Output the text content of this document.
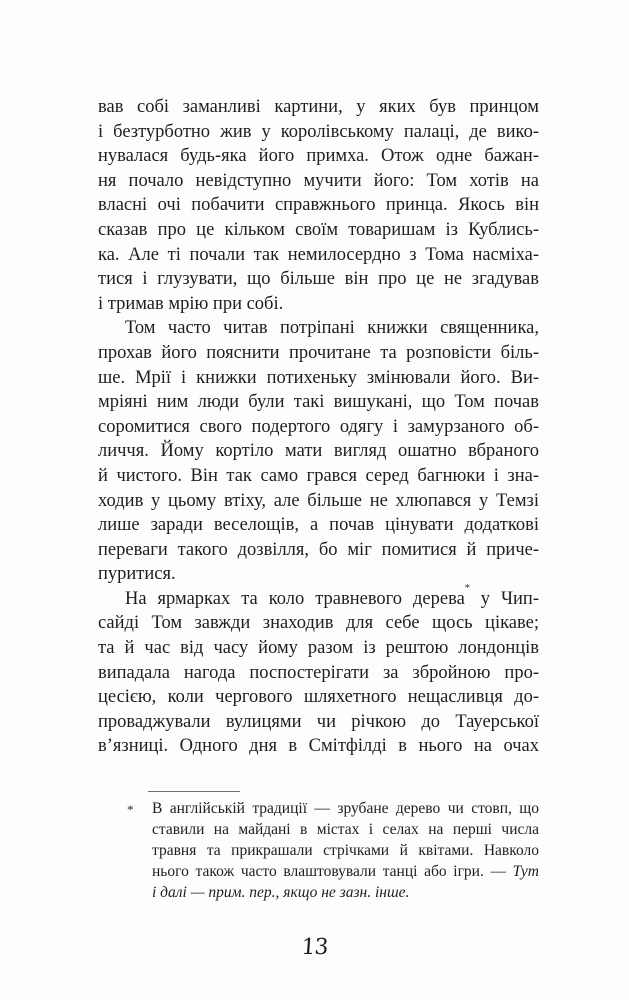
вав собі заманливі картини, у яких був принцом
і безтурботно жив у королівському палаці, де вико-
нувалася будь-яка його примха. Отож одне бажан-
ня почало невідступно мучити його: Том хотів на
власні очі побачити справжнього принца. Якось він
сказав про це кільком своїм товаришам із Кублись-
ка. Але ті почали так немилосердно з Тома насміха-
тися і глузувати, що більше він про це не згадував
і тримав мрію при собі.
Том часто читав потріпані книжки священника,
прохав його пояснити прочитане та розповісти біль-
ше. Мрії і книжки потихеньку змінювали його. Ви-
мріяні ним люди були такі вишукані, що Том почав
соромитися свого подертого одягу і замурзаного об-
личчя. Йому кортіло мати вигляд ошатно вбраного
й чистого. Він так само грався серед багнюки і зна-
ходив у цьому втіху, але більше не хлюпався у Темзі
лише заради веселощів, а почав цінувати додаткові
переваги такого дозвілля, бо міг помитися й приче-
пуритися.
На ярмарках та коло травневого дерева* у Чип-
сайді Том завжди знаходив для себе щось цікаве;
та й час від часу йому разом із рештою лондонців
випадала нагода поспостерігати за збройною про-
цесією, коли чергового шляхетного нещасливця до-
проваджували вулицями чи річкою до Тауерської
в’язниці. Одного дня в Смітфілді в нього на очах
* В англійській традиції — зрубане дерево чи стовп, що
ставили на майдані в містах і селах на перші числа
травня та прикрашали стрічками й квітами. Навколо
нього також часто влаштовували танці або ігри. — Тут
і далі — прим. пер., якщо не зазн. інше.
13
